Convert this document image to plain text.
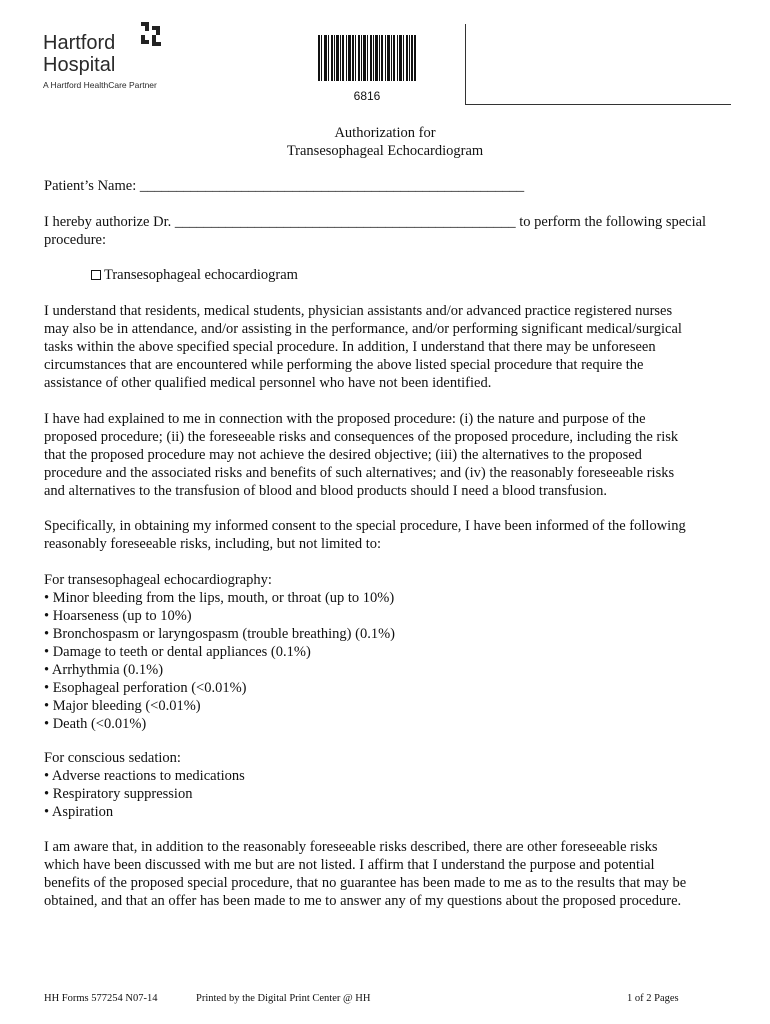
Hartford
Hospital
A Hartford HealthCare Partner
6816
Authorization for
Transesophageal Echocardiogram
Patient’s Name: _____________________________________________________
I hereby authorize Dr. _______________________________________________ to perform the following special
procedure:
Transesophageal echocardiogram
I understand that residents, medical students, physician assistants and/or advanced practice registered nurses
may also be in attendance, and/or assisting in the performance, and/or performing significant medical/surgical
tasks within the above specified special procedure. In addition, I understand that there may be unforeseen
circumstances that are encountered while performing the above listed special procedure that require the
assistance of other qualified medical personnel who have not been identified.
I have had explained to me in connection with the proposed procedure: (i) the nature and purpose of the
proposed procedure; (ii) the foreseeable risks and consequences of the proposed procedure, including the risk
that the proposed procedure may not achieve the desired objective; (iii) the alternatives to the proposed
procedure and the associated risks and benefits of such alternatives; and (iv) the reasonably foreseeable risks
and alternatives to the transfusion of blood and blood products should I need a blood transfusion.
Specifically, in obtaining my informed consent to the special procedure, I have been informed of the following
reasonably foreseeable risks, including, but not limited to:
For transesophageal echocardiography:
• Minor bleeding from the lips, mouth, or throat (up to 10%)
• Hoarseness (up to 10%)
• Bronchospasm or laryngospasm (trouble breathing) (0.1%)
• Damage to teeth or dental appliances (0.1%)
• Arrhythmia (0.1%)
• Esophageal perforation (<0.01%)
• Major bleeding (<0.01%)
• Death (<0.01%)
For conscious sedation:
• Adverse reactions to medications
• Respiratory suppression
• Aspiration
I am aware that, in addition to the reasonably foreseeable risks described, there are other foreseeable risks
which have been discussed with me but are not listed. I affirm that I understand the purpose and potential
benefits of the proposed special procedure, that no guarantee has been made to me as to the results that may be
obtained, and that an offer has been made to me to answer any of my questions about the proposed procedure.
HH Forms 577254 N07-14	Printed by the Digital Print Center @ HH	1 of 2 Pages
